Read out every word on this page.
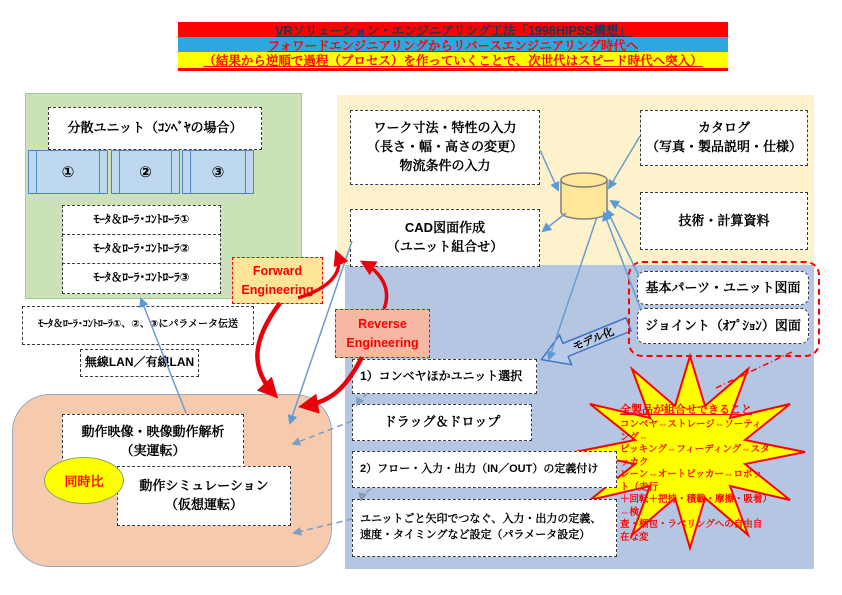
モデル化
VRソリューション・エンジニアリング工法「1998HIPSS構想」
フォワードエンジニアリングからリバースエンジニアリング時代へ
（結果から逆順で過程（プロセス）を作っていくことで、次世代はスピード時代へ突入）
分散ユニット（ｺﾝﾍﾞﾔの場合）
①	②	③
ﾓｰﾀ＆ﾛｰﾗ･ｺﾝﾄﾛｰﾗ①
ﾓｰﾀ＆ﾛｰﾗ･ｺﾝﾄﾛｰﾗ②
ﾓｰﾀ＆ﾛｰﾗ･ｺﾝﾄﾛｰﾗ③
ﾓｰﾀ＆ﾛｰﾗ･ｺﾝﾄﾛｰﾗ①、②、③にパラメータ伝送
無線LAN／有線LAN
Forward
Engineering
Reverse
Engineering
ワーク寸法・特性の入力
（長さ・幅・高さの変更）
物流条件の入力
CAD図面作成
（ユニット組合せ）
カタログ
（写真・製品説明・仕様）
技術・計算資料
基本パーツ・ユニット図面
ジョイント（ｵﾌﾟｼｮﾝ）図面
1）コンベヤほかユニット選択
ドラッグ＆ドロップ
2）フロー・入力・出力（IN／OUT）の定義付け
ユニットごと矢印でつなぐ、入力・出力の定義、
速度・タイミングなど設定（パラメータ設定）
動作映像・映像動作解析
（実運転）
動作シミュレーション
（仮想運転）
同時比
全製品が組合せできること
コンベヤ⇔ストレージ⇔ソーティング⇔
ピッキング⇔フィーディング⇔スタッカク
レーン⇔オートピッカー⇔ロボット（走行
＋回転＋把持・積載・摩擦・吸着）⇔検
査・梱包・ラベリングへの自由自在な変
